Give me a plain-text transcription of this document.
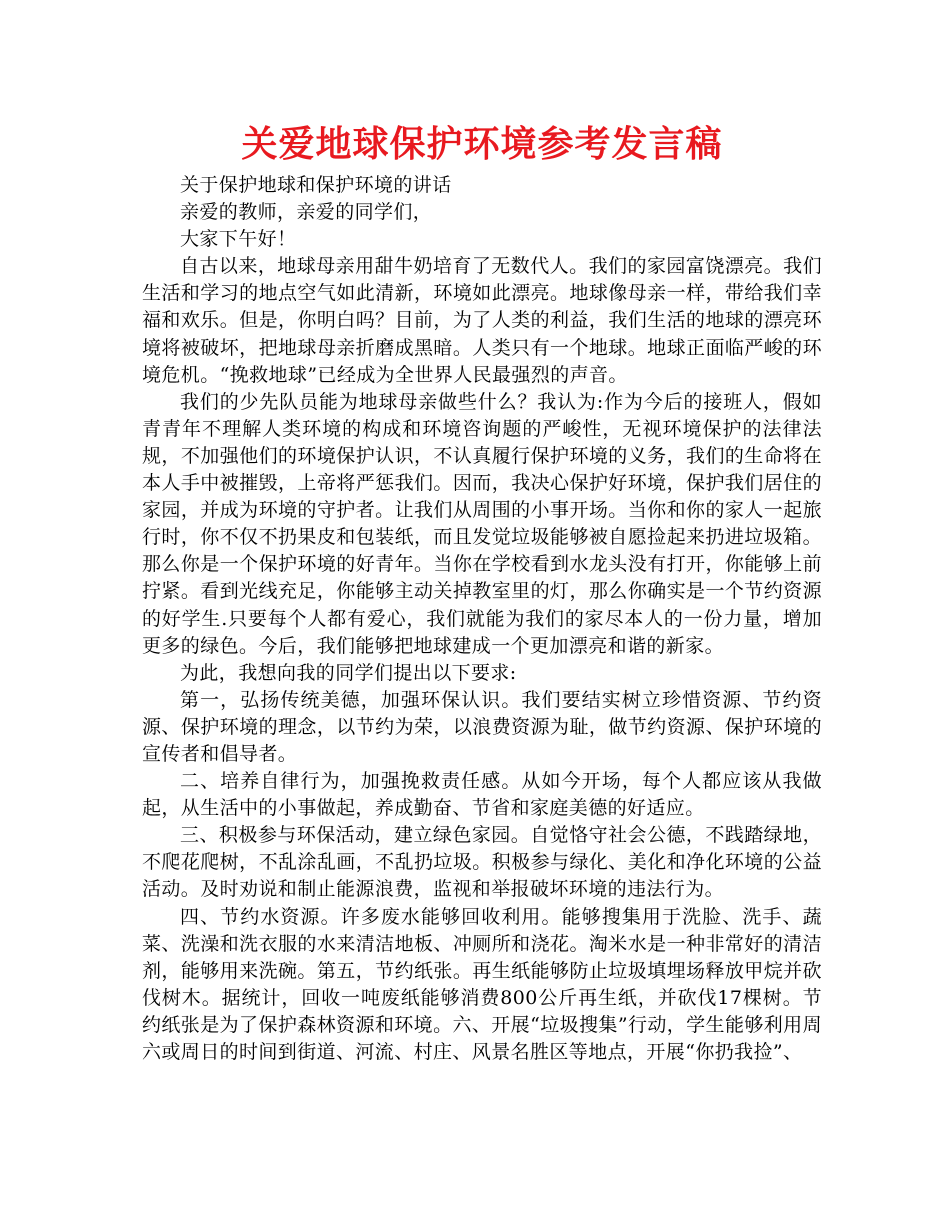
关爱地球保护环境参考发言稿

关于保护地球和保护环境的讲话

亲爱的教师，亲爱的同学们，

大家下午好！

自古以来，地球母亲用甜牛奶培育了无数代人。我们的家园富饶漂亮。我们生活和学习的地点空气如此清新，环境如此漂亮。地球像母亲一样，带给我们幸福和欢乐。但是，你明白吗？目前，为了人类的利益，我们生活的地球的漂亮环境将被破坏，把地球母亲折磨成黑暗。人类只有一个地球。地球正面临严峻的环境危机。“挽救地球”已经成为全世界人民最强烈的声音。

我们的少先队员能为地球母亲做些什么？我认为:作为今后的接班人，假如青青年不理解人类环境的构成和环境咨询题的严峻性，无视环境保护的法律法规，不加强他们的环境保护认识，不认真履行保护环境的义务，我们的生命将在本人手中被摧毁，上帝将严惩我们。因而，我决心保护好环境，保护我们居住的家园，并成为环境的守护者。让我们从周围的小事开场。当你和你的家人一起旅行时，你不仅不扔果皮和包装纸，而且发觉垃圾能够被自愿捡起来扔进垃圾箱。那么你是一个保护环境的好青年。当你在学校看到水龙头没有打开，你能够上前拧紧。看到光线充足，你能够主动关掉教室里的灯，那么你确实是一个节约资源的好学生.只要每个人都有爱心，我们就能为我们的家尽本人的一份力量，增加更多的绿色。今后，我们能够把地球建成一个更加漂亮和谐的新家。

为此，我想向我的同学们提出以下要求:

第一，弘扬传统美德，加强环保认识。我们要结实树立珍惜资源、节约资源、保护环境的理念，以节约为荣，以浪费资源为耻，做节约资源、保护环境的宣传者和倡导者。

二、培养自律行为，加强挽救责任感。从如今开场，每个人都应该从我做起，从生活中的小事做起，养成勤奋、节省和家庭美德的好适应。

三、积极参与环保活动，建立绿色家园。自觉恪守社会公德，不践踏绿地，不爬花爬树，不乱涂乱画，不乱扔垃圾。积极参与绿化、美化和净化环境的公益活动。及时劝说和制止能源浪费，监视和举报破坏环境的违法行为。

四、节约水资源。许多废水能够回收利用。能够搜集用于洗脸、洗手、蔬菜、洗澡和洗衣服的水来清洁地板、冲厕所和浇花。淘米水是一种非常好的清洁剂，能够用来洗碗。第五，节约纸张。再生纸能够防止垃圾填埋场释放甲烷并砍伐树木。据统计，回收一吨废纸能够消费800公斤再生纸，并砍伐17棵树。节约纸张是为了保护森林资源和环境。六、开展“垃圾搜集”行动，学生能够利用周六或周日的时间到街道、河流、村庄、风景名胜区等地点，开展“你扔我捡”、
